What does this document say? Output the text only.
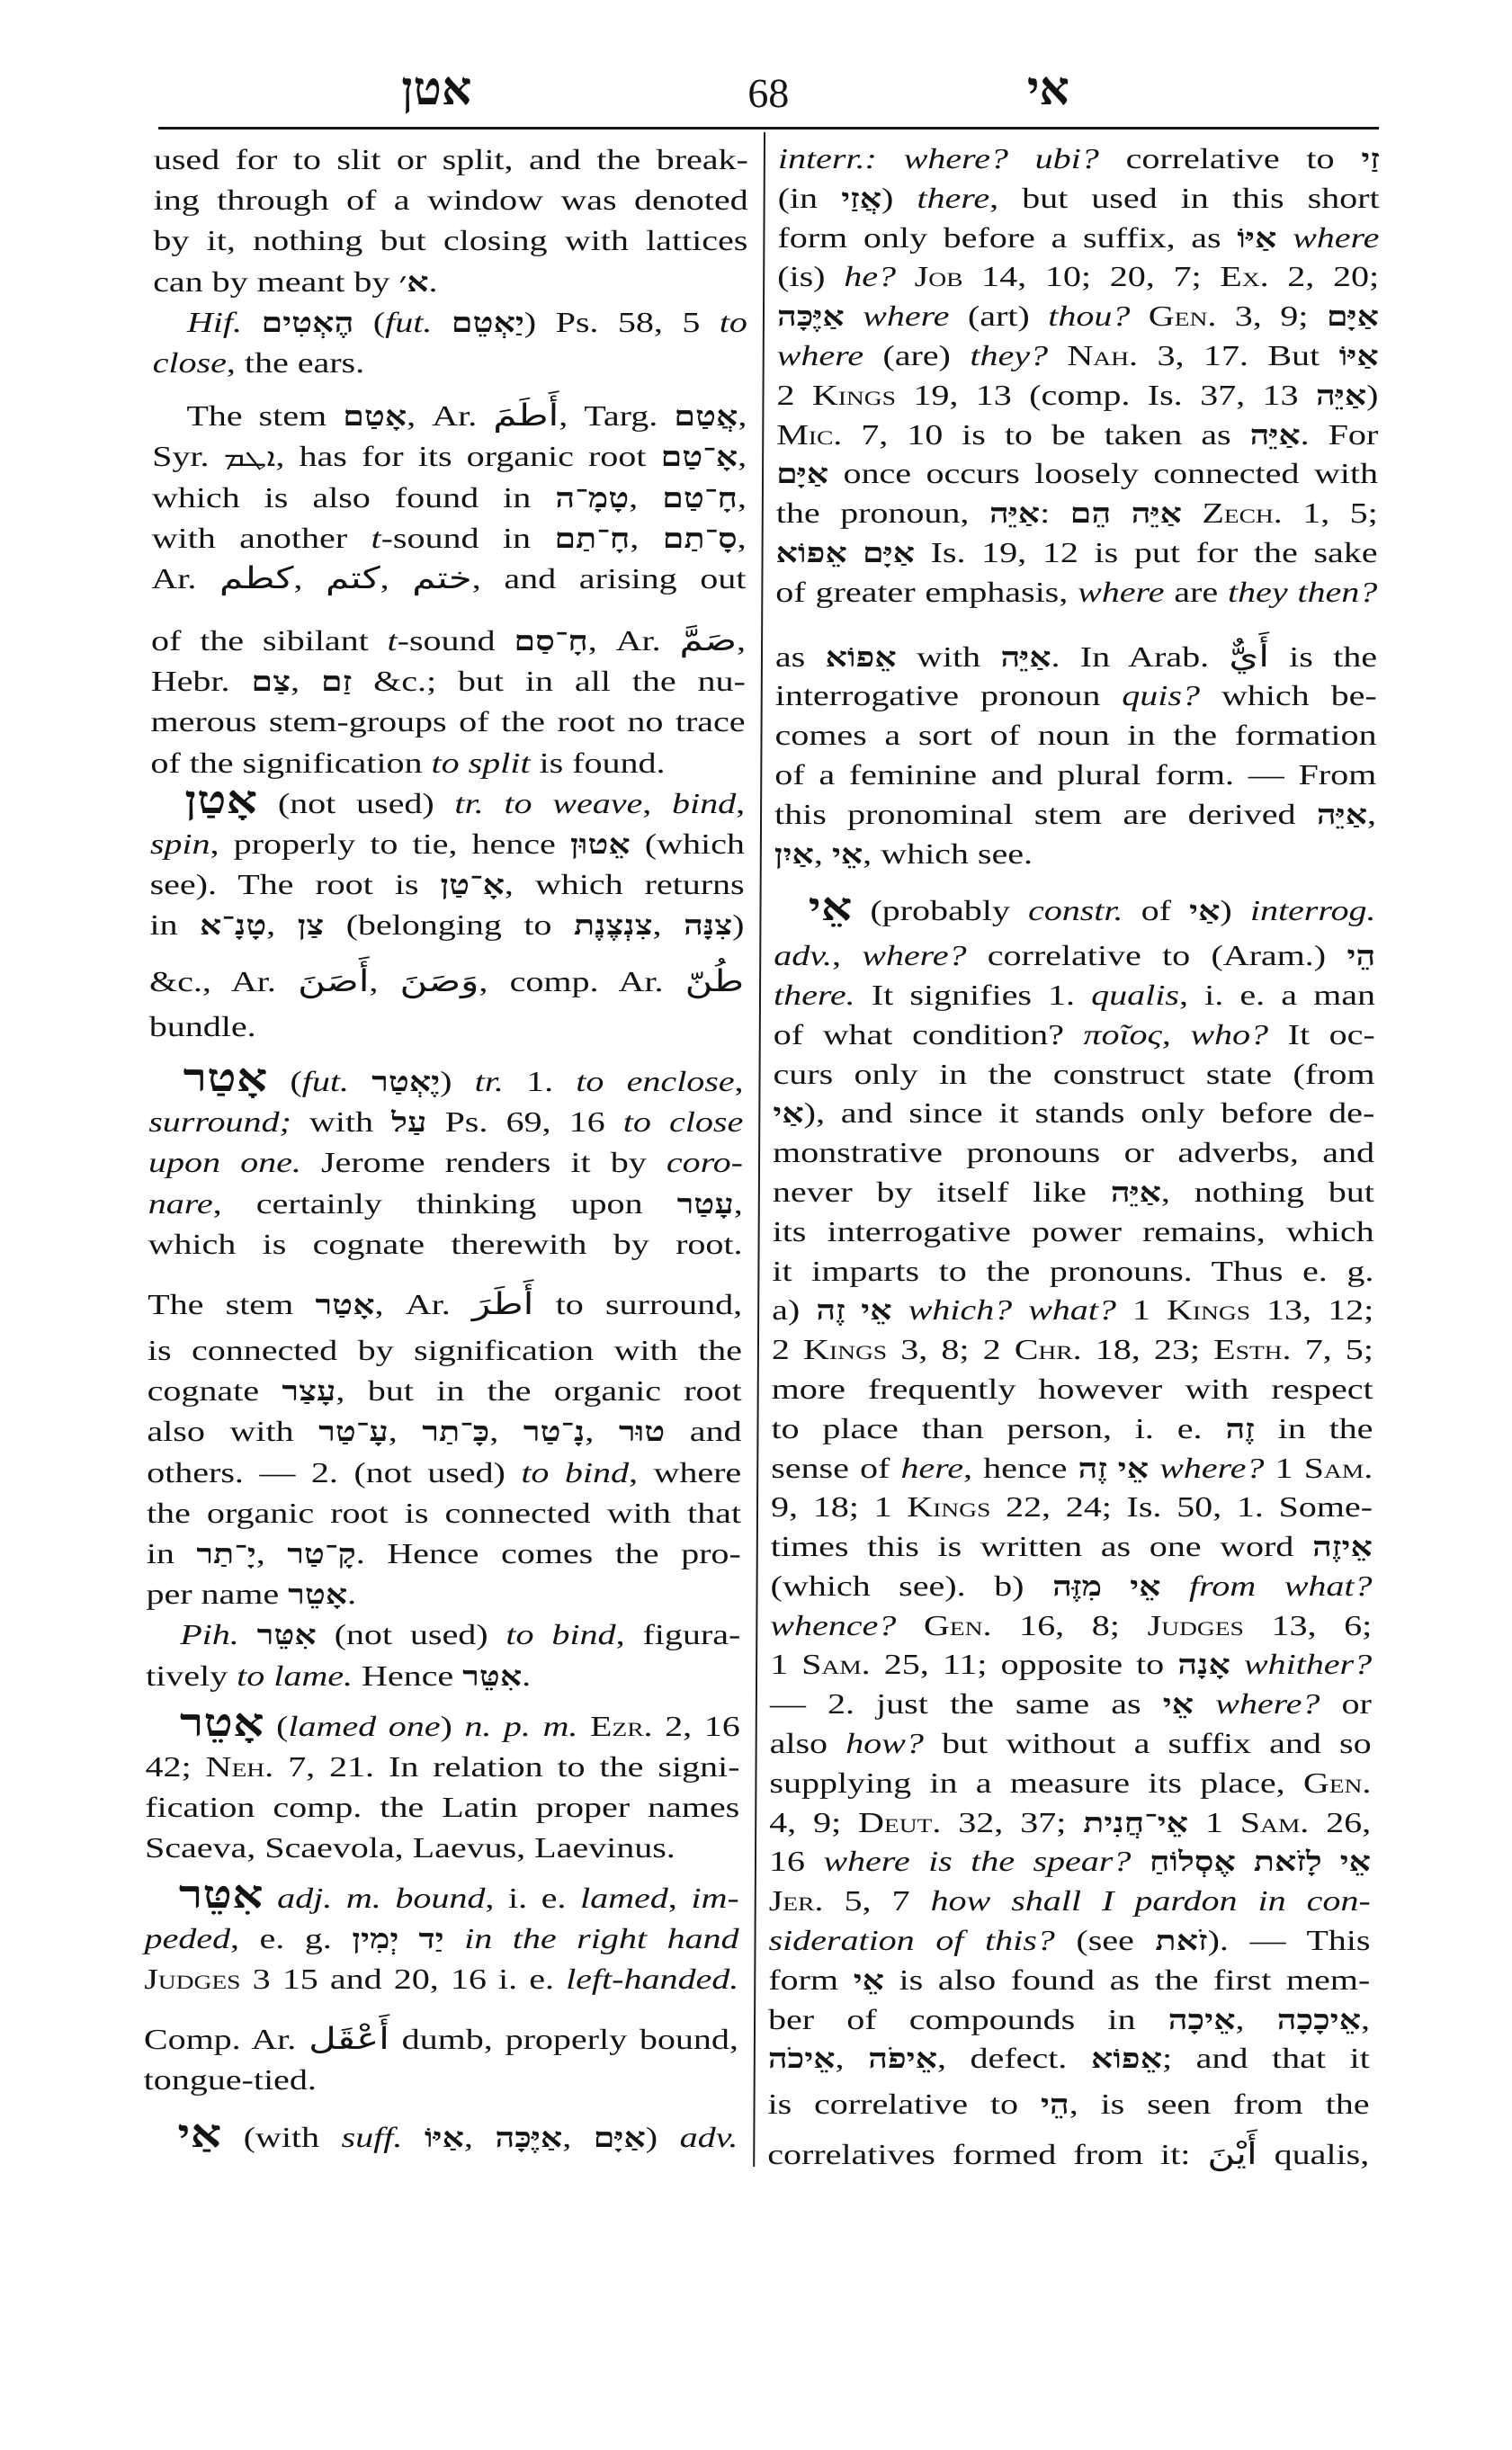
אטן	68	אי
used for to slit or split, and the break-
ing through of a window was denoted
by it, nothing but closing with lattices
can by meant by א׳.
Hif. הֶאְטִים (fut. יַאְטֵם) Ps. 58, 5 to
close, the ears.
The stem אָטַם, Ar. أَطَمَ, Targ. אֲטַם,
Syr. ܐܛܡ, has for its organic root אָ־טַם,
which is also found in טָמָ־ה, חָ־טַם,
with another t-sound in חָ־תַם, סָ־תַם,
Ar. كطم, كتم, ختم, and arising out
of the sibilant t-sound חָ־סַם, Ar. صَمَّ,
Hebr. צַם, זַם &c.; but in all the nu-
merous stem-groups of the root no trace
of the signification to split is found.
אָטַן (not used) tr. to weave, bind,
spin, properly to tie, hence אֵטוּן (which
see). The root is אָ־טַן, which returns
in טָנָ־א, צַן (belonging to צִנְצֶנֶת, צִנָּה)
&c., Ar. أَصَنَ, وَصَنَ, comp. Ar. طُنّ
bundle.
אָטַר (fut. יֶאְטַר) tr. 1. to enclose,
surround; with עַל Ps. 69, 16 to close
upon one. Jerome renders it by coro-
nare, certainly thinking upon עָטַר,
which is cognate therewith by root.
The stem אָטַר, Ar. أَطَرَ to surround,
is connected by signification with the
cognate עָצַר, but in the organic root
also with עָ־טַר, כָּ־תַר, נָ־טַר, טוּר and
others. — 2. (not used) to bind, where
the organic root is connected with that
in יָ־תַר, קָ־טַר. Hence comes the pro-
per name אָטֵר.
Pih. אִטֵּר (not used) to bind, figura-
tively to lame. Hence אִטֵּר.
אָטֵר (lamed one) n. p. m. Ezr. 2, 16
42; Neh. 7, 21. In relation to the signi-
fication comp. the Latin proper names
Scaeva, Scaevola, Laevus, Laevinus.
אִטֵּר adj. m. bound, i. e. lamed, im-
peded, e. g. יַד יְמִין in the right hand
Judges 3 15 and 20, 16 i. e. left-handed.
Comp. Ar. أَعْقَل dumb, properly bound,
tongue-tied.
אַי (with suff. אַיּוֹ, אַיֶּכָּה, אַיָּם) adv.
interr.: where? ubi? correlative to זַי
(in אֲזַי) there, but used in this short
form only before a suffix, as אַיּוֹ where
(is) he? Job 14, 10; 20, 7; Ex. 2, 20;
אַיֶּכָּה where (art) thou? Gen. 3, 9; אַיָּם
where (are) they? Nah. 3, 17. But אַיּוֹ
2 Kings 19, 13 (comp. Is. 37, 13 אַיֵּה)
Mic. 7, 10 is to be taken as אַיֵּה. For
אַיָּם once occurs loosely connected with
the pronoun, אַיֵּה: הֵם אַיֵּה Zech. 1, 5;
אַיָּם אֵפוֹא Is. 19, 12 is put for the sake
of greater emphasis, where are they then?
as אֵפוֹא with אַיֵּה. In Arab. أَيٌّ is the
interrogative pronoun quis? which be-
comes a sort of noun in the formation
of a feminine and plural form. — From
this pronominal stem are derived אַיֵּה,
אַיִן, אֵי, which see.
אֵי (probably constr. of אַי) interrog.
adv., where? correlative to (Aram.) הֵי
there. It signifies 1. qualis, i. e. a man
of what condition? ποῖος, who? It oc-
curs only in the construct state (from
אַי), and since it stands only before de-
monstrative pronouns or adverbs, and
never by itself like אַיֵּה, nothing but
its interrogative power remains, which
it imparts to the pronouns. Thus e. g.
a) אֵי זֶה which? what? 1 Kings 13, 12;
2 Kings 3, 8; 2 Chr. 18, 23; Esth. 7, 5;
more frequently however with respect
to place than person, i. e. זֶה in the
sense of here, hence אֵי זֶה where? 1 Sam.
9, 18; 1 Kings 22, 24; Is. 50, 1. Some-
times this is written as one word אֵיזֶה
(which see). b) אֵי מִזֶּה from what?
whence? Gen. 16, 8; Judges 13, 6;
1 Sam. 25, 11; opposite to אָנָה whither?
— 2. just the same as אֵי where? or
also how? but without a suffix and so
supplying in a measure its place, Gen.
4, 9; Deut. 32, 37; אֵי־חֲנִית 1 Sam. 26,
16 where is the spear? אֵי לָזֹאת אֶסְלוֹחַ
Jer. 5, 7 how shall I pardon in con-
sideration of this? (see זֹאת). — This
form אֵי is also found as the first mem-
ber of compounds in אֵיכָה, אֵיכָכָה,
אֵיכֹה, אֵיפֹה, defect. אֵפוֹא; and that it
is correlative to הֵי, is seen from the
correlatives formed from it: أَيْنَ qualis,
